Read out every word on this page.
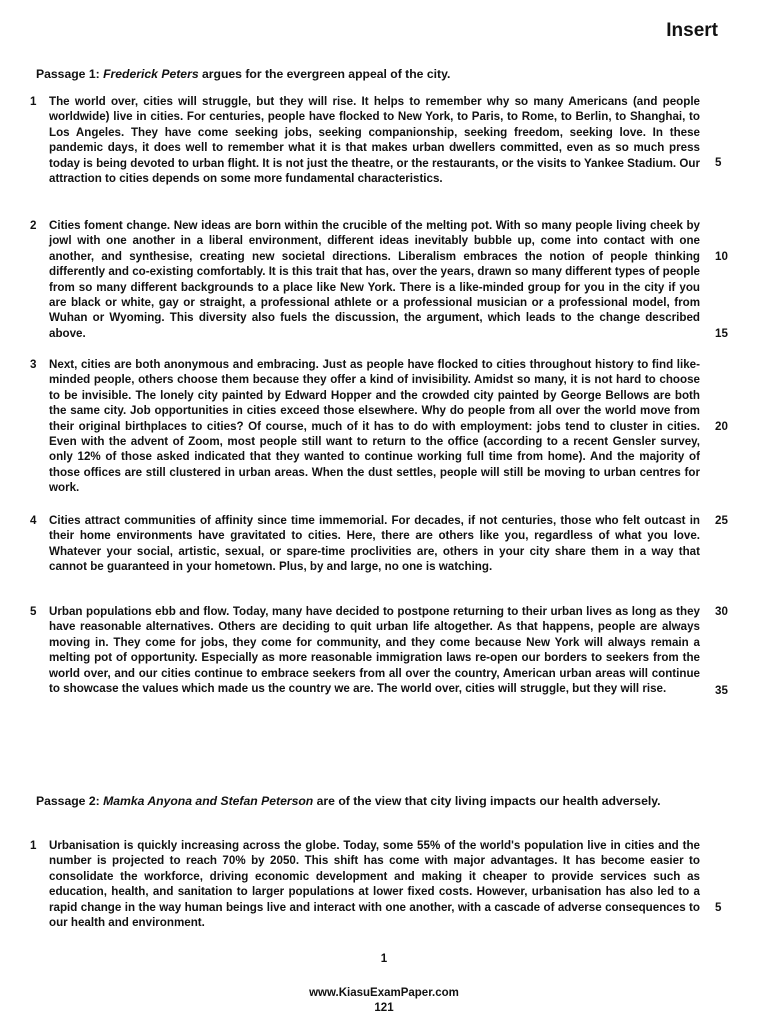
Insert
Passage 1: Frederick Peters argues for the evergreen appeal of the city.
1	The world over, cities will struggle, but they will rise. It helps to remember why so many Americans (and people worldwide) live in cities. For centuries, people have flocked to New York, to Paris, to Rome, to Berlin, to Shanghai, to Los Angeles. They have come seeking jobs, seeking companionship, seeking freedom, seeking love. In these pandemic days, it does well to remember what it is that makes urban dwellers committed, even as so much press today is being devoted to urban flight. It is not just the theatre, or the restaurants, or the visits to Yankee Stadium. Our attraction to cities depends on some more fundamental characteristics.
2	Cities foment change. New ideas are born within the crucible of the melting pot. With so many people living cheek by jowl with one another in a liberal environment, different ideas inevitably bubble up, come into contact with one another, and synthesise, creating new societal directions. Liberalism embraces the notion of people thinking differently and co-existing comfortably. It is this trait that has, over the years, drawn so many different types of people from so many different backgrounds to a place like New York. There is a like-minded group for you in the city if you are black or white, gay or straight, a professional athlete or a professional musician or a professional model, from Wuhan or Wyoming. This diversity also fuels the discussion, the argument, which leads to the change described above.
3	Next, cities are both anonymous and embracing. Just as people have flocked to cities throughout history to find like-minded people, others choose them because they offer a kind of invisibility. Amidst so many, it is not hard to choose to be invisible. The lonely city painted by Edward Hopper and the crowded city painted by George Bellows are both the same city. Job opportunities in cities exceed those elsewhere. Why do people from all over the world move from their original birthplaces to cities? Of course, much of it has to do with employment: jobs tend to cluster in cities. Even with the advent of Zoom, most people still want to return to the office (according to a recent Gensler survey, only 12% of those asked indicated that they wanted to continue working full time from home). And the majority of those offices are still clustered in urban areas. When the dust settles, people will still be moving to urban centres for work.
4	Cities attract communities of affinity since time immemorial. For decades, if not centuries, those who felt outcast in their home environments have gravitated to cities. Here, there are others like you, regardless of what you love. Whatever your social, artistic, sexual, or spare-time proclivities are, others in your city share them in a way that cannot be guaranteed in your hometown. Plus, by and large, no one is watching.
5	Urban populations ebb and flow. Today, many have decided to postpone returning to their urban lives as long as they have reasonable alternatives. Others are deciding to quit urban life altogether. As that happens, people are always moving in. They come for jobs, they come for community, and they come because New York will always remain a melting pot of opportunity. Especially as more reasonable immigration laws re-open our borders to seekers from the world over, and our cities continue to embrace seekers from all over the country, American urban areas will continue to showcase the values which made us the country we are. The world over, cities will struggle, but they will rise.
5
10
15
20
25
30
35
Passage 2: Mamka Anyona and Stefan Peterson are of the view that city living impacts our health adversely.
1	Urbanisation is quickly increasing across the globe. Today, some 55% of the world's population live in cities and the number is projected to reach 70% by 2050. This shift has come with major advantages. It has become easier to consolidate the workforce, driving economic development and making it cheaper to provide services such as education, health, and sanitation to larger populations at lower fixed costs. However, urbanisation has also led to a rapid change in the way human beings live and interact with one another, with a cascade of adverse consequences to our health and environment.
5
1
www.KiasuExamPaper.com
121
